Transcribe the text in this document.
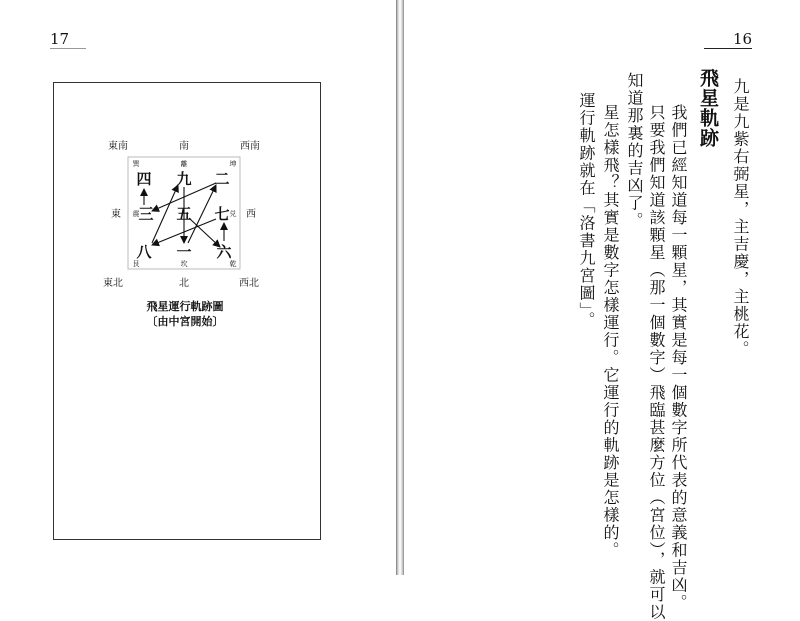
17
東南	南	西南
東	西
東北	北	西北
巽	離	坤
震	兑
艮	坎	乾
四 九 二
三 五 七
八 一 六
飛星運行軌跡圖
〔由中宮開始〕
16
九是九紫右弼星，主吉慶，主桃花。
飛星軌跡
我們已經知道每一顆星，其實是每一個數字所代表的意義和吉凶。
只要我們知道該顆星（那一個數字）飛臨甚麼方位（宮位），就可以
知道那裏的吉凶了。
星怎樣飛？其實是數字怎樣運行。它運行的軌跡是怎樣的。
運行軌跡就在「洛書九宮圖」。
